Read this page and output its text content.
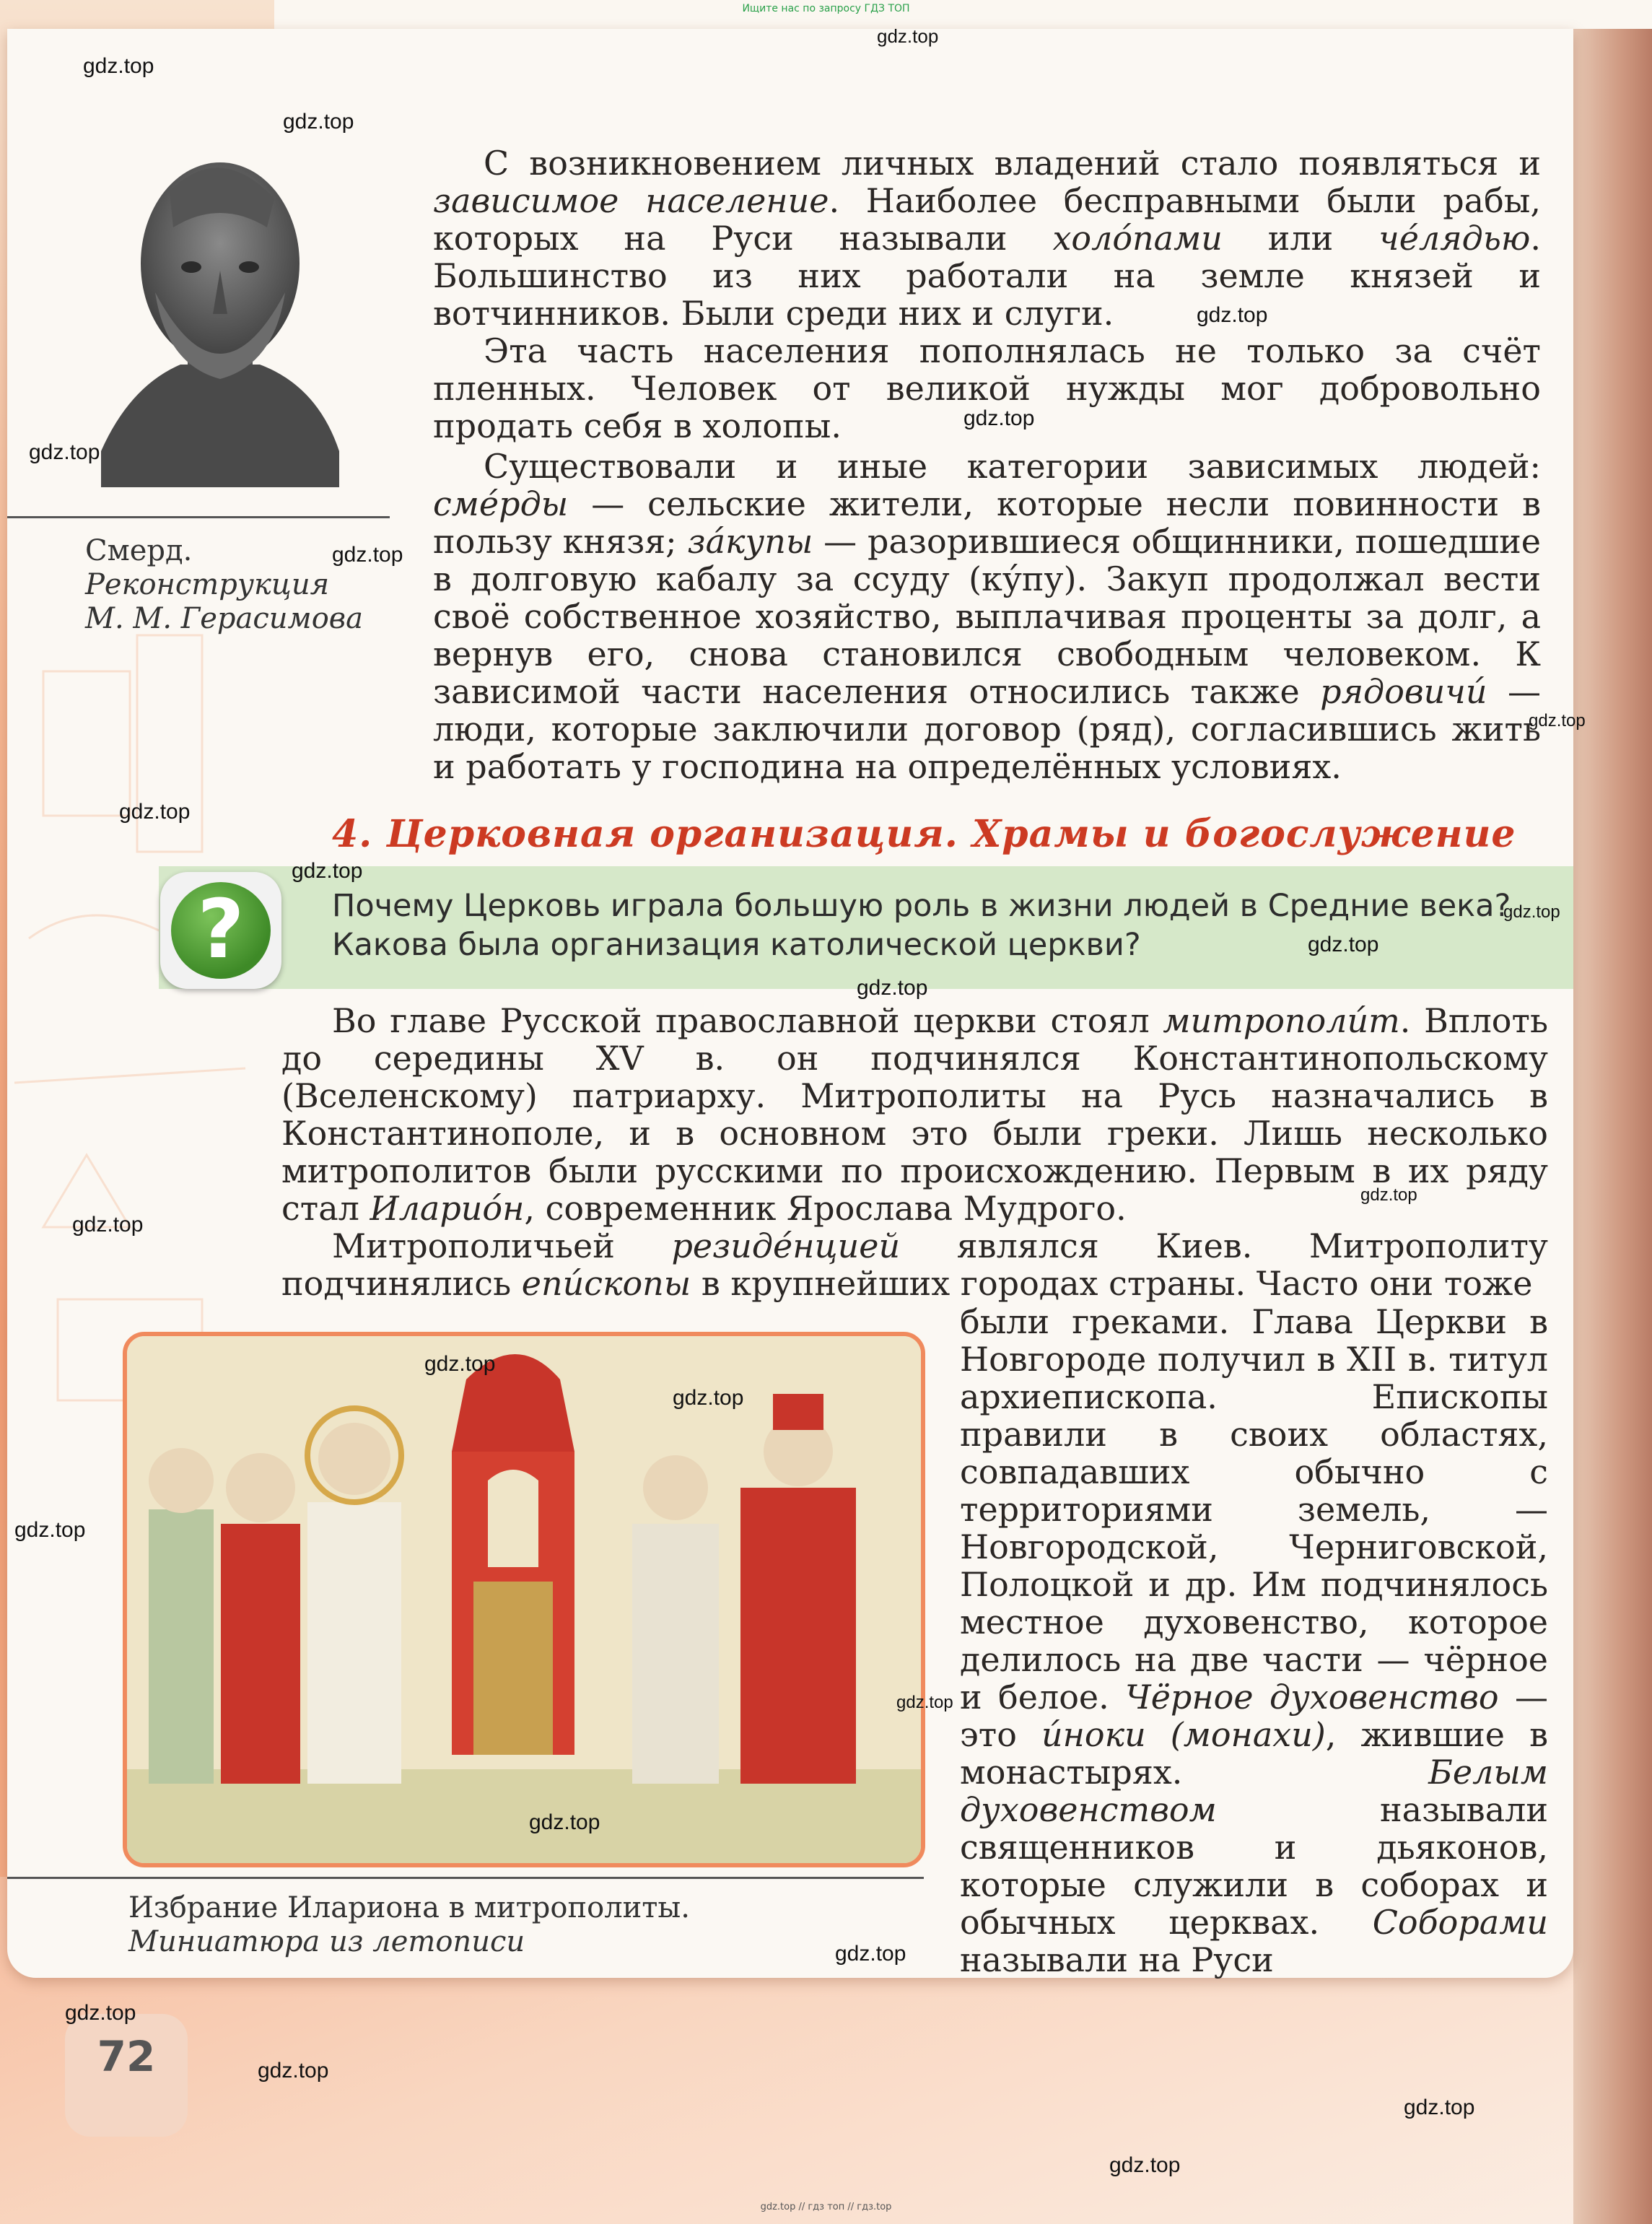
Ищите нас по запросу ГДЗ ТОП
Смерд.
Реконструкция
М. М. Герасимова

С возникновением личных владений стало появляться и зависимое население. Наиболее бесправными были рабы, которых на Руси называли холо́пами или че́лядью. Большинство из них работали на земле князей и вотчинников. Были среди них и слуги.

Эта часть населения пополнялась не только за счёт пленных. Человек от великой нужды мог добровольно продать себя в холопы.

Существовали и иные категории зависимых людей: сме́рды — сельские жители, которые несли повинности в пользу князя; за́купы — разорившиеся общинники, пошедшие в долговую кабалу за ссуду (ку́пу). Закуп продолжал вести своё собственное хозяйство, выплачивая проценты за долг, а вернув его, снова становился свободным человеком. К зависимой части населения относились также рядовичи́ — люди, которые заключили договор (ряд), согласившись жить и работать у господина на определённых условиях.

4. Церковная организация. Храмы и богослужение
?	Почему Церковь играла большую роль в жизни людей в Средние века? Какова была организация католической церкви?

Во главе Русской православной церкви стоял митрополи́т. Вплоть до середины XV в. он подчинялся Константинопольскому (Вселенскому) патриарху. Митрополиты на Русь назначались в Константинополе, и в основном это были греки. Лишь несколько митрополитов были русскими по происхождению. Первым в их ряду стал Иларио́н, современник Ярослава Мудрого.

Митрополичьей резиде́нцией являлся Киев. Митрополиту подчинялись епи́скопы в крупнейших городах страны. Часто они тоже

были греками. Глава Церкви в Новгороде получил в XII в. титул архиепископа. Епископы правили в своих областях, совпадавших обычно с территориями земель, — Новгородской, Черниговской, Полоцкой и др. Им подчинялось местное духовенство, которое делилось на две части — чёрное и белое. Чёрное духовенство — это и́ноки (монахи), жившие в монастырях. Белым духовенством называли священников и дьяконов, которые служили в соборах и обычных церквах. Соборами называли на Руси

Избрание Илариона в митрополиты.
Миниатюра из летописи
72
gdz.top
gdz.top
gdz.top
gdz.top
gdz.top
gdz.top
gdz.top
gdz.top
gdz.top
gdz.top
gdz.top
gdz.top
gdz.top
gdz.top
gdz.top
gdz.top
gdz.top
gdz.top
gdz.top
gdz.top
gdz.top
gdz.top
gdz.top
gdz.top
gdz.top
gdz.top // гдз топ // гдз.top
